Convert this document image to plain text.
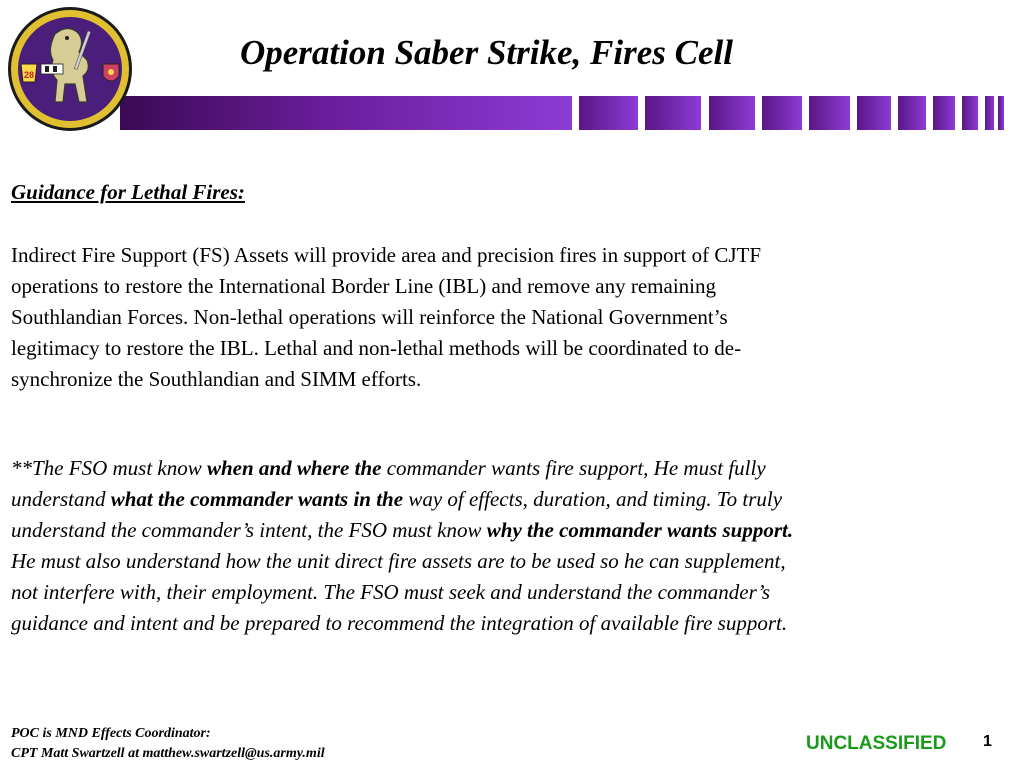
28
Operation Saber Strike, Fires Cell
Guidance for Lethal Fires:
Indirect Fire Support (FS) Assets will provide area and precision fires in support of CJTF
operations to restore the International Border Line (IBL) and remove any remaining
Southlandian Forces. Non-lethal operations will reinforce the National Government’s
legitimacy to restore the IBL. Lethal and non-lethal methods will be coordinated to de-
synchronize the Southlandian and SIMM efforts.
**The FSO must know when and where the commander wants fire support, He must fully
understand what the commander wants in the way of effects, duration, and timing. To truly
understand the commander’s intent, the FSO must know why the commander wants support.
He must also understand how the unit direct fire assets are to be used so he can supplement,
not interfere with, their employment. The FSO must seek and understand the commander’s
guidance and intent and be prepared to recommend the integration of available fire support.
POC is MND Effects Coordinator:
CPT Matt Swartzell at matthew.swartzell@us.army.mil	UNCLASSIFIED 1
